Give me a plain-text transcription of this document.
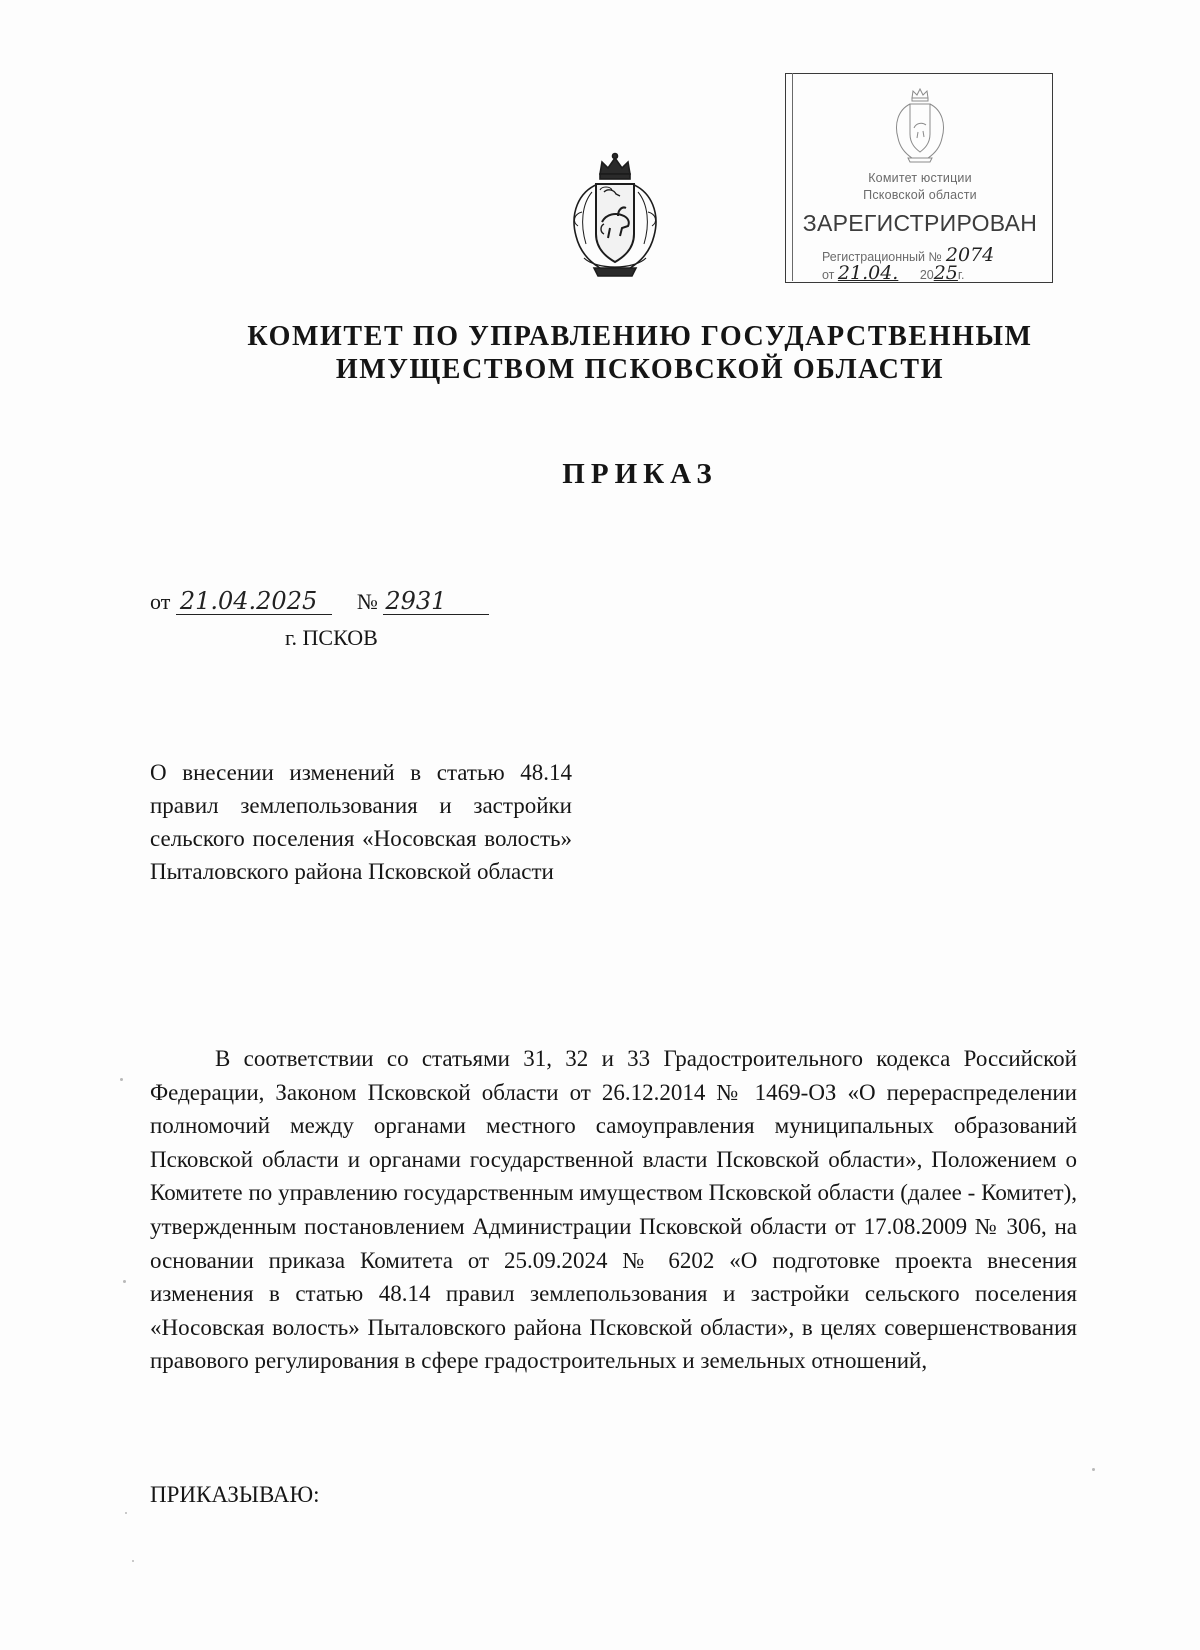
Комитет юстиции
Псковской области
ЗАРЕГИСТРИРОВАН
Регистрационный № 2074
от 21.04. 2025г.
КОМИТЕТ ПО УПРАВЛЕНИЮ ГОСУДАРСТВЕННЫМ
ИМУЩЕСТВОМ ПСКОВСКОЙ ОБЛАСТИ
ПРИКАЗ
от 21.04.2025 № 2931
г. ПСКОВ
О внесении изменений в статью 48.14 правил землепользования и застройки сельского поселения «Носовская волость» Пыталовского района Псковской области
В соответствии со статьями 31, 32 и 33 Градостроительного кодекса Российской Федерации, Законом Псковской области от 26.12.2014 № 1469-ОЗ «О перераспределении полномочий между органами местного самоуправления муниципальных образований Псковской области и органами государственной власти Псковской области», Положением о Комитете по управлению государственным имуществом Псковской области (далее - Комитет), утвержденным постановлением Администрации Псковской области от 17.08.2009 № 306, на основании приказа Комитета от 25.09.2024 № 6202 «О подготовке проекта внесения изменения в статью 48.14 правил землепользования и застройки сельского поселения «Носовская волость» Пыталовского района Псковской области», в целях совершенствования правового регулирования в сфере градостроительных и земельных отношений,
ПРИКАЗЫВАЮ:
